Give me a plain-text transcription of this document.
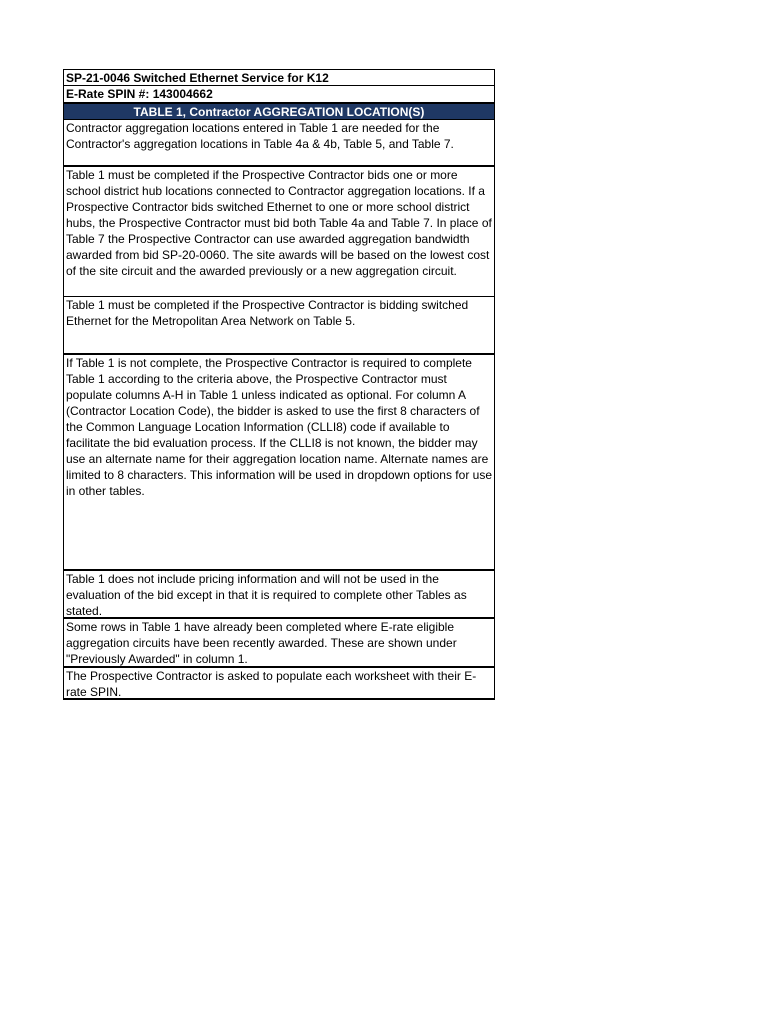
SP-21-0046 Switched Ethernet Service for K12
E-Rate SPIN #: 143004662
TABLE 1, Contractor AGGREGATION LOCATION(S)

Contractor aggregation locations entered in Table 1 are needed for the Contractor's aggregation locations in Table 4a & 4b, Table 5, and Table 7.

Table 1 must be completed if the Prospective Contractor bids one or more school district hub locations connected to Contractor aggregation locations. If a Prospective Contractor bids switched Ethernet to one or more school district hubs, the Prospective Contractor must bid both Table 4a and Table 7. In place of Table 7 the Prospective Contractor can use awarded aggregation bandwidth awarded from bid SP-20-0060. The site awards will be based on the lowest cost of the site circuit and the awarded previously or a new aggregation circuit.

Table 1 must be completed if the Prospective Contractor is bidding switched Ethernet for the Metropolitan Area Network on Table 5.

If Table 1 is not complete, the Prospective Contractor is required to complete Table 1 according to the criteria above, the Prospective Contractor must populate columns A-H in Table 1 unless indicated as optional. For column A (Contractor Location Code), the bidder is asked to use the first 8 characters of the Common Language Location Information (CLLI8) code if available to facilitate the bid evaluation process. If the CLLI8 is not known, the bidder may use an alternate name for their aggregation location name. Alternate names are limited to 8 characters. This information will be used in dropdown options for use in other tables.

Table 1 does not include pricing information and will not be used in the evaluation of the bid except in that it is required to complete other Tables as stated.

Some rows in Table 1 have already been completed where E-rate eligible aggregation circuits have been recently awarded. These are shown under "Previously Awarded" in column 1.

The Prospective Contractor is asked to populate each worksheet with their E-rate SPIN.
